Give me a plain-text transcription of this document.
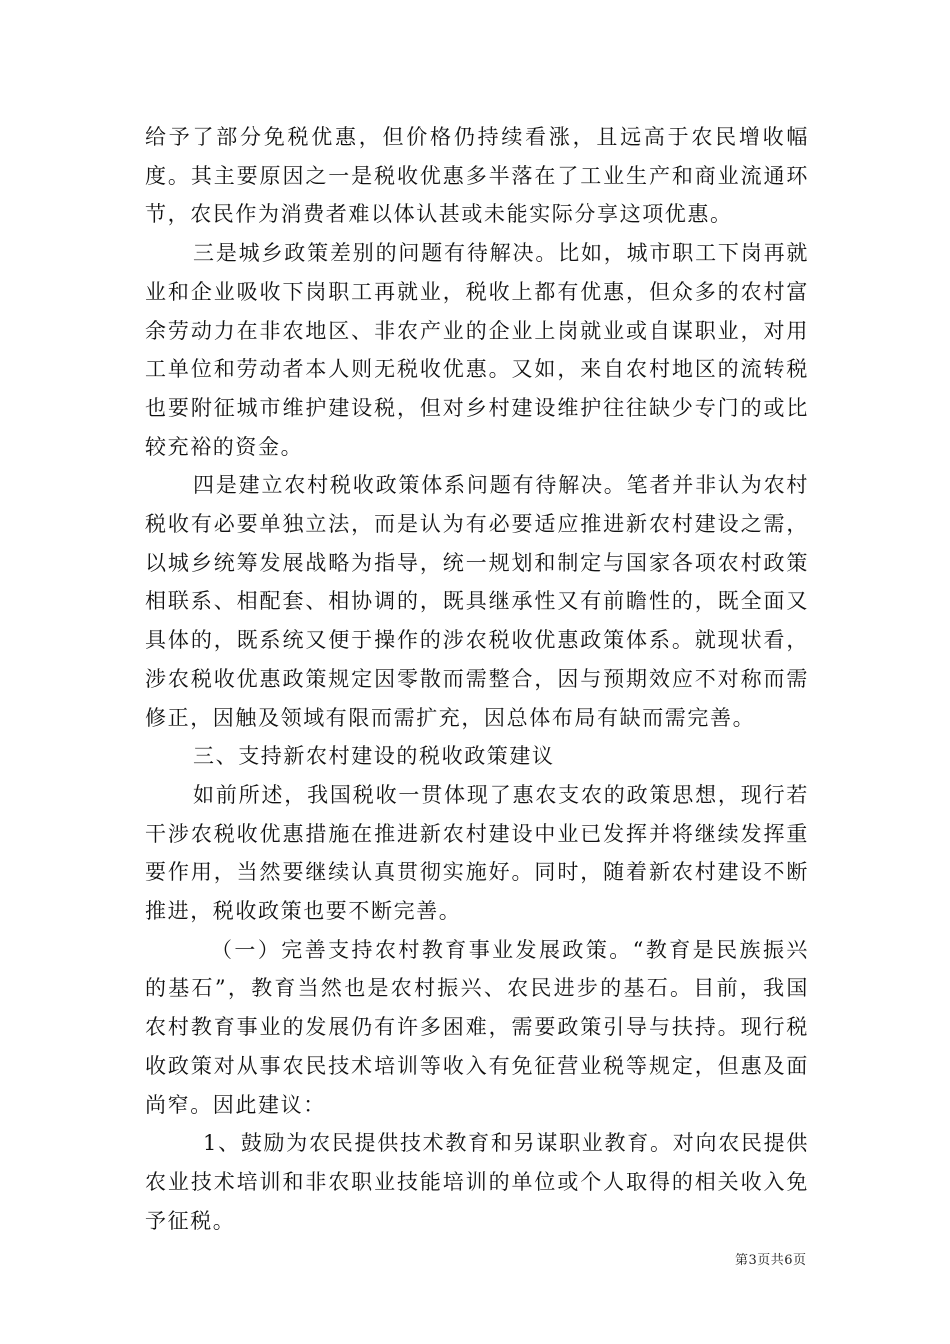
给予了部分免税优惠，但价格仍持续看涨，且远高于农民增收幅度。其主要原因之一是税收优惠多半落在了工业生产和商业流通环节，农民作为消费者难以体认甚或未能实际分享这项优惠。

三是城乡政策差别的问题有待解决。比如，城市职工下岗再就业和企业吸收下岗职工再就业，税收上都有优惠，但众多的农村富余劳动力在非农地区、非农产业的企业上岗就业或自谋职业，对用工单位和劳动者本人则无税收优惠。又如，来自农村地区的流转税也要附征城市维护建设税，但对乡村建设维护往往缺少专门的或比较充裕的资金。

四是建立农村税收政策体系问题有待解决。笔者并非认为农村税收有必要单独立法，而是认为有必要适应推进新农村建设之需，以城乡统筹发展战略为指导，统一规划和制定与国家各项农村政策相联系、相配套、相协调的，既具继承性又有前瞻性的，既全面又具体的，既系统又便于操作的涉农税收优惠政策体系。就现状看，涉农税收优惠政策规定因零散而需整合，因与预期效应不对称而需修正，因触及领域有限而需扩充，因总体布局有缺而需完善。

三、支持新农村建设的税收政策建议

如前所述，我国税收一贯体现了惠农支农的政策思想，现行若干涉农税收优惠措施在推进新农村建设中业已发挥并将继续发挥重要作用，当然要继续认真贯彻实施好。同时，随着新农村建设不断推进，税收政策也要不断完善。

（一）完善支持农村教育事业发展政策。“教育是民族振兴的基石”，教育当然也是农村振兴、农民进步的基石。目前，我国农村教育事业的发展仍有许多困难，需要政策引导与扶持。现行税收政策对从事农民技术培训等收入有免征营业税等规定，但惠及面尚窄。因此建议：

1、鼓励为农民提供技术教育和另谋职业教育。对向农民提供农业技术培训和非农职业技能培训的单位或个人取得的相关收入免予征税。

第3页共6页
